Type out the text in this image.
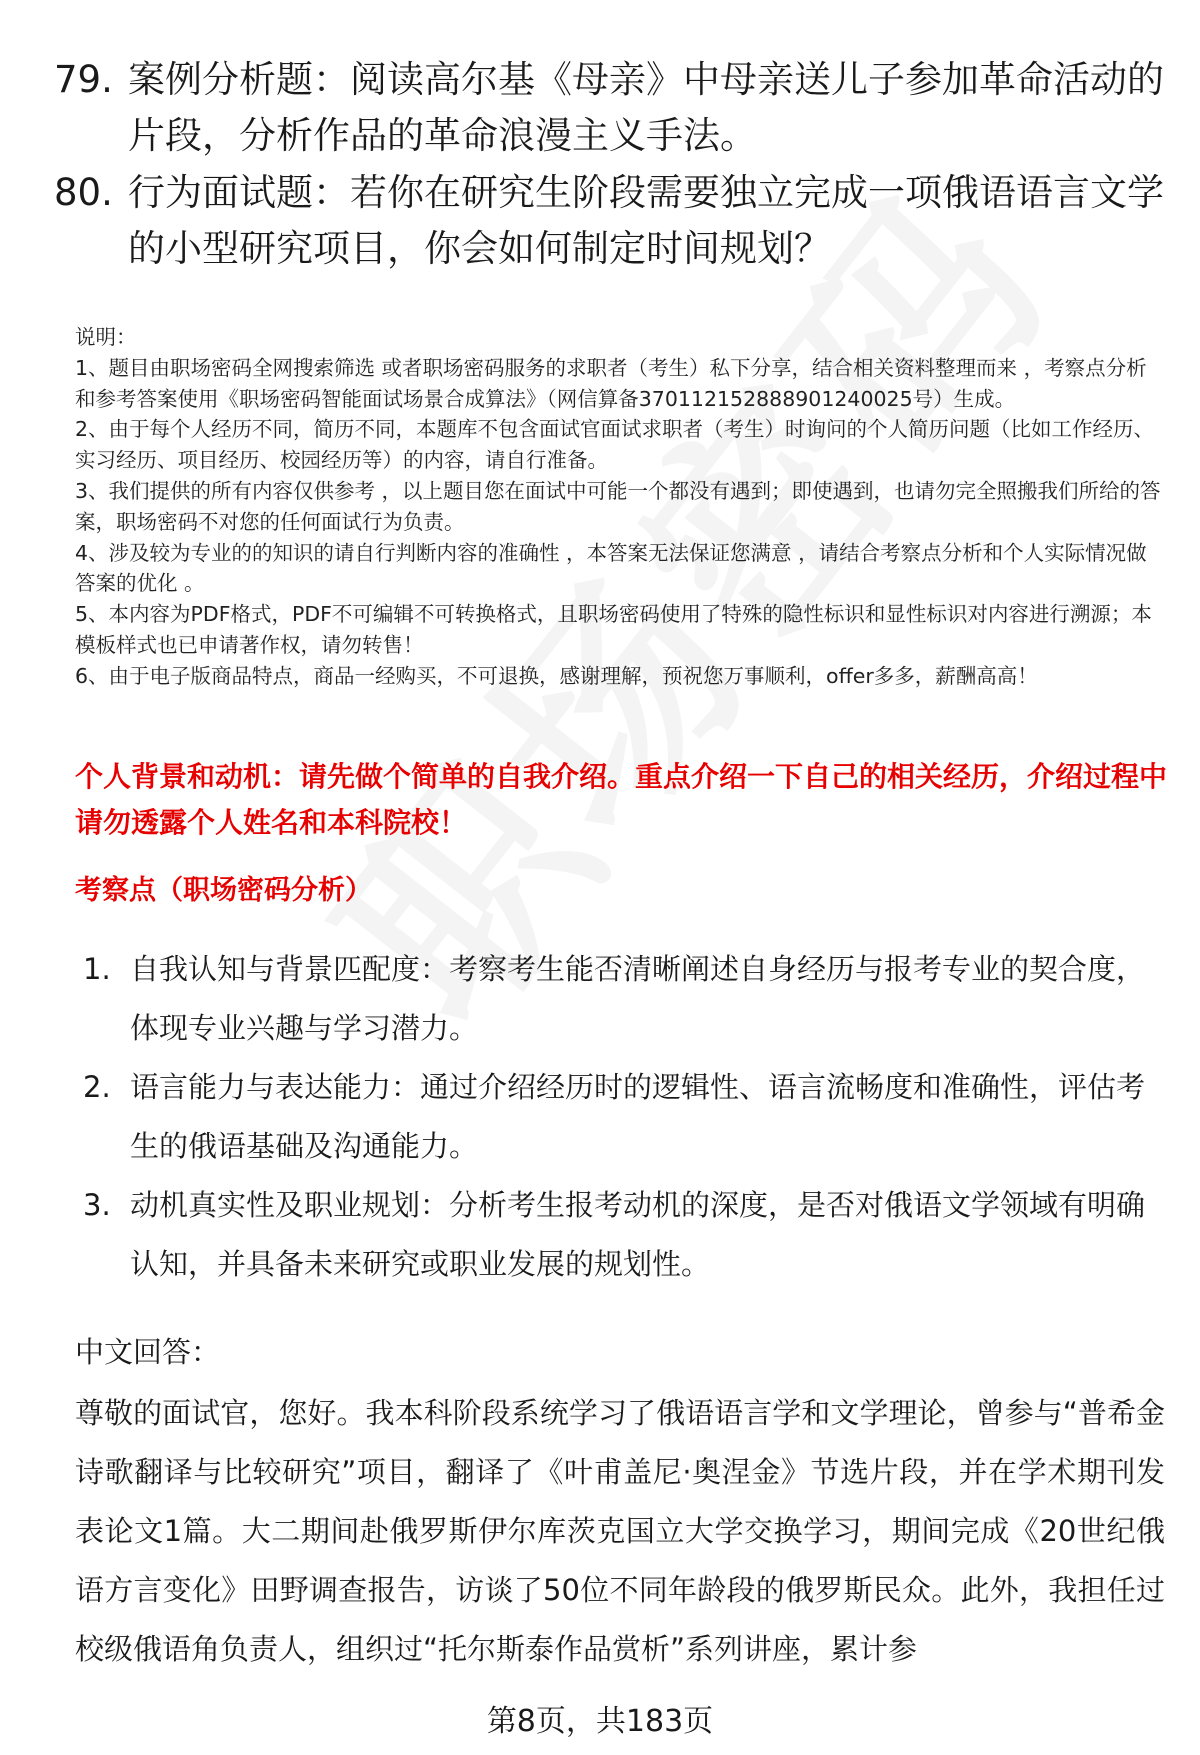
79. 案例分析题：阅读高尔基《母亲》中母亲送儿子参加革命活动的片段，分析作品的革命浪漫主义手法。
80. 行为面试题：若你在研究生阶段需要独立完成一项俄语语言文学的小型研究项目，你会如何制定时间规划？
说明：
1、题目由职场密码全网搜索筛选 或者职场密码服务的求职者（考生）私下分享，结合相关资料整理而来 ，考察点分析和参考答案使用《职场密码智能面试场景合成算法》（网信算备370112152888901240025号）生成。
2、由于每个人经历不同，简历不同，本题库不包含面试官面试求职者（考生）时询问的个人简历问题（比如工作经历、实习经历、项目经历、校园经历等）的内容，请自行准备。
3、我们提供的所有内容仅供参考 ，以上题目您在面试中可能一个都没有遇到；即使遇到，也请勿完全照搬我们所给的答案，职场密码不对您的任何面试行为负责。
4、涉及较为专业的的知识的请自行判断内容的准确性 ，本答案无法保证您满意 ，请结合考察点分析和个人实际情况做答案的优化 。
5、本内容为PDF格式，PDF不可编辑不可转换格式，且职场密码使用了特殊的隐性标识和显性标识对内容进行溯源；本模板样式也已申请著作权，请勿转售！
6、由于电子版商品特点，商品一经购买，不可退换，感谢理解，预祝您万事顺利，offer多多，薪酬高高！
个人背景和动机：请先做个简单的自我介绍。重点介绍一下自己的相关经历，介绍过程中请勿透露个人姓名和本科院校！
考察点（职场密码分析）
1. 自我认知与背景匹配度：考察考生能否清晰阐述自身经历与报考专业的契合度，体现专业兴趣与学习潜力。
2. 语言能力与表达能力：通过介绍经历时的逻辑性、语言流畅度和准确性，评估考生的俄语基础及沟通能力。
3. 动机真实性及职业规划：分析考生报考动机的深度，是否对俄语文学领域有明确认知，并具备未来研究或职业发展的规划性。
中文回答：
尊敬的面试官，您好。我本科阶段系统学习了俄语语言学和文学理论，曾参与“普希金诗歌翻译与比较研究”项目，翻译了《叶甫盖尼·奥涅金》节选片段，并在学术期刊发表论文1篇。大二期间赴俄罗斯伊尔库茨克国立大学交换学习，期间完成《20世纪俄语方言变化》田野调查报告，访谈了50位不同年龄段的俄罗斯民众。此外，我担任过校级俄语角负责人，组织过“托尔斯泰作品赏析”系列讲座，累计参
第8页，共183页
